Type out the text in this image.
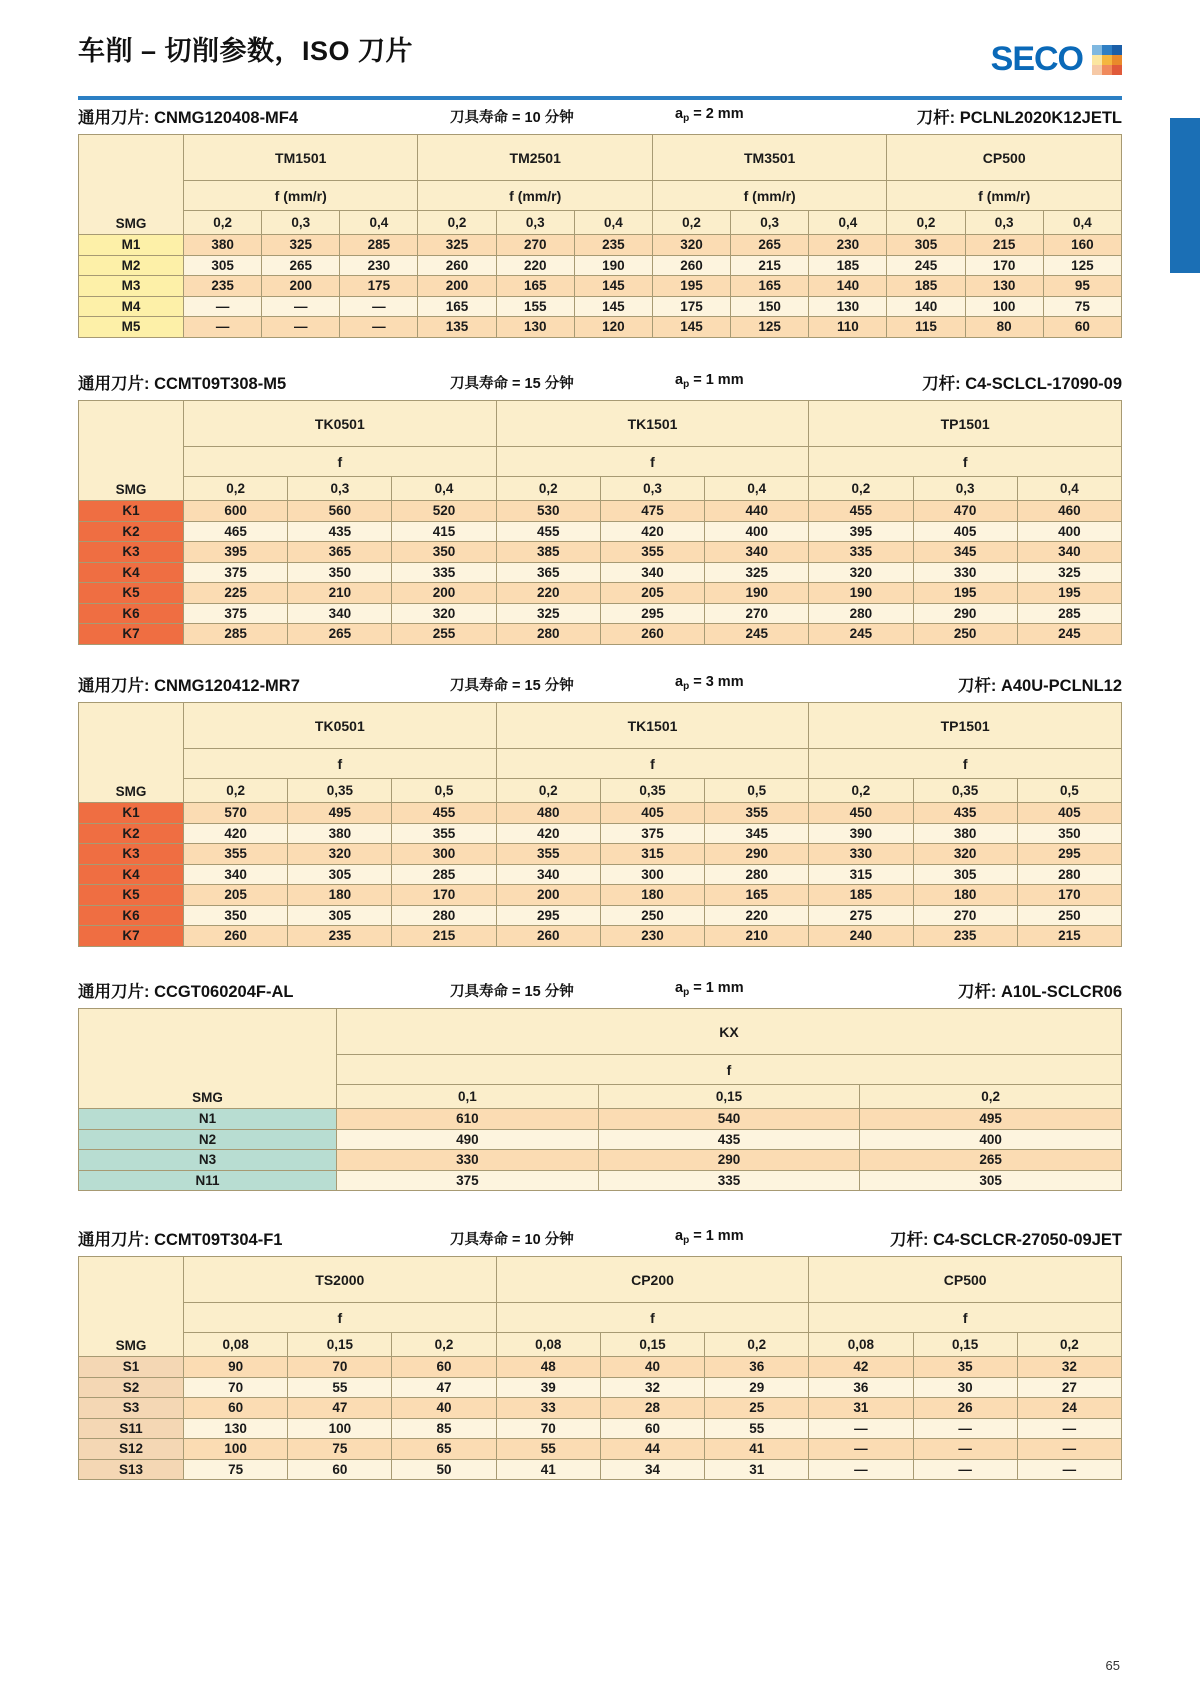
车削 – 切削参数，ISO 刀片	SECO
通用刀片: CNMG120408-MF4	刀具寿命 = 10 分钟	$a_p = 2$ mm	刀杆: PCLNL2020K12JETL
SMG	TM1501			TM2501			TM3501			CP500		
	f (mm/r)			f (mm/r)			f (mm/r)			f (mm/r)		
	0,2	0,3	0,4	0,2	0,3	0,4	0,2	0,3	0,4	0,2	0,3	0,4
M1	380	325	285	325	270	235	320	265	230	305	215	160
M2	305	265	230	260	220	190	260	215	185	245	170	125
M3	235	200	175	200	165	145	195	165	140	185	130	95
M4	—	—	—	165	155	145	175	150	130	140	100	75
M5	—	—	—	135	130	120	145	125	110	115	80	60
通用刀片: CCMT09T308-M5	刀具寿命 = 15 分钟	$a_p = 1$ mm	刀杆: C4-SCLCL-17090-09
SMG	TK0501			TK1501			TP1501		
	f			f			f		
	0,2	0,3	0,4	0,2	0,3	0,4	0,2	0,3	0,4
K1	600	560	520	530	475	440	455	470	460
K2	465	435	415	455	420	400	395	405	400
K3	395	365	350	385	355	340	335	345	340
K4	375	350	335	365	340	325	320	330	325
K5	225	210	200	220	205	190	190	195	195
K6	375	340	320	325	295	270	280	290	285
K7	285	265	255	280	260	245	245	250	245
通用刀片: CNMG120412-MR7	刀具寿命 = 15 分钟	$a_p = 3$ mm	刀杆: A40U-PCLNL12
SMG	TK0501			TK1501			TP1501		
	f			f			f		
	0,2	0,35	0,5	0,2	0,35	0,5	0,2	0,35	0,5
K1	570	495	455	480	405	355	450	435	405
K2	420	380	355	420	375	345	390	380	350
K3	355	320	300	355	315	290	330	320	295
K4	340	305	285	340	300	280	315	305	280
K5	205	180	170	200	180	165	185	180	170
K6	350	305	280	295	250	220	275	270	250
K7	260	235	215	260	230	210	240	235	215
通用刀片: CCGT060204F-AL	刀具寿命 = 15 分钟	$a_p = 1$ mm	刀杆: A10L-SCLCR06
SMG	KX		
	f		
	0,1	0,15	0,2
N1	610	540	495
N2	490	435	400
N3	330	290	265
N11	375	335	305
通用刀片: CCMT09T304-F1	刀具寿命 = 10 分钟	$a_p = 1$ mm	刀杆: C4-SCLCR-27050-09JET
SMG	TS2000			CP200			CP500		
	f			f			f		
	0,08	0,15	0,2	0,08	0,15	0,2	0,08	0,15	0,2
S1	90	70	60	48	40	36	42	35	32
S2	70	55	47	39	32	29	36	30	27
S3	60	47	40	33	28	25	31	26	24
S11	130	100	85	70	60	55	—	—	—
S12	100	75	65	55	44	41	—	—	—
S13	75	60	50	41	34	31	—	—	—
65
